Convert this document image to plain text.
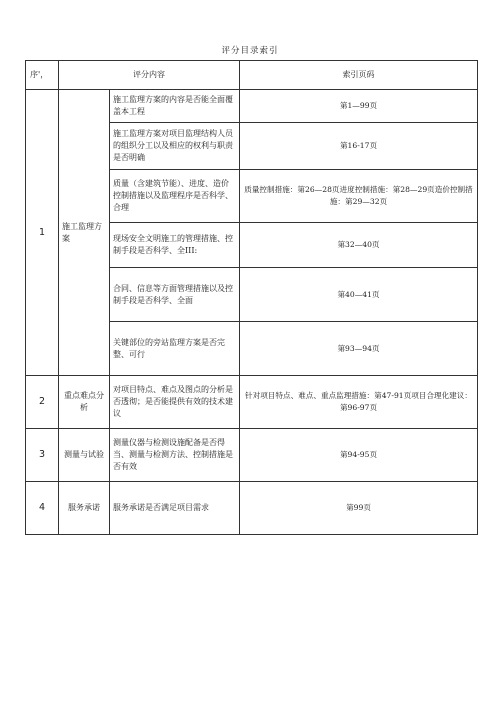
评分目录索引
序'，	评分内容		索引页码
1	施工监理方案	施工监理方案的内容是否能全面覆盖本工程	第1—99页
		施工监理方案对项目监理结构人员的组织分工以及相应的权利与职责是否明确	第16-17页
		质量（含建筑节能）、进度、造价控制措施以及监理程序是否科学、合理	质量控制措施：第26—28页进度控制措施：第28—29页造价控制措施：第29—32页
		现场安全文明施工的管理措施、控制手段是否科学、全III:	第32—40页
		合同、信息等方面管理措施以及控制手段是否科学、全面	第40—41页
		关键部位的旁站监理方案是否完整、可行	第93—94页
2	重点难点分析	对项目特点、难点及图点的分析是否透彻；是否能提供有效的技术建议	针对项目特点、难点、重点监理措施：第47-91页项目合理化建议：第96-97页
3	测量与试验	测量仪器与检测设施配备是否得当、测量与检测方法、控制措施是否有效	第94-95页
4	服务承诺	服务承诺是否满足项目需求	第99页
